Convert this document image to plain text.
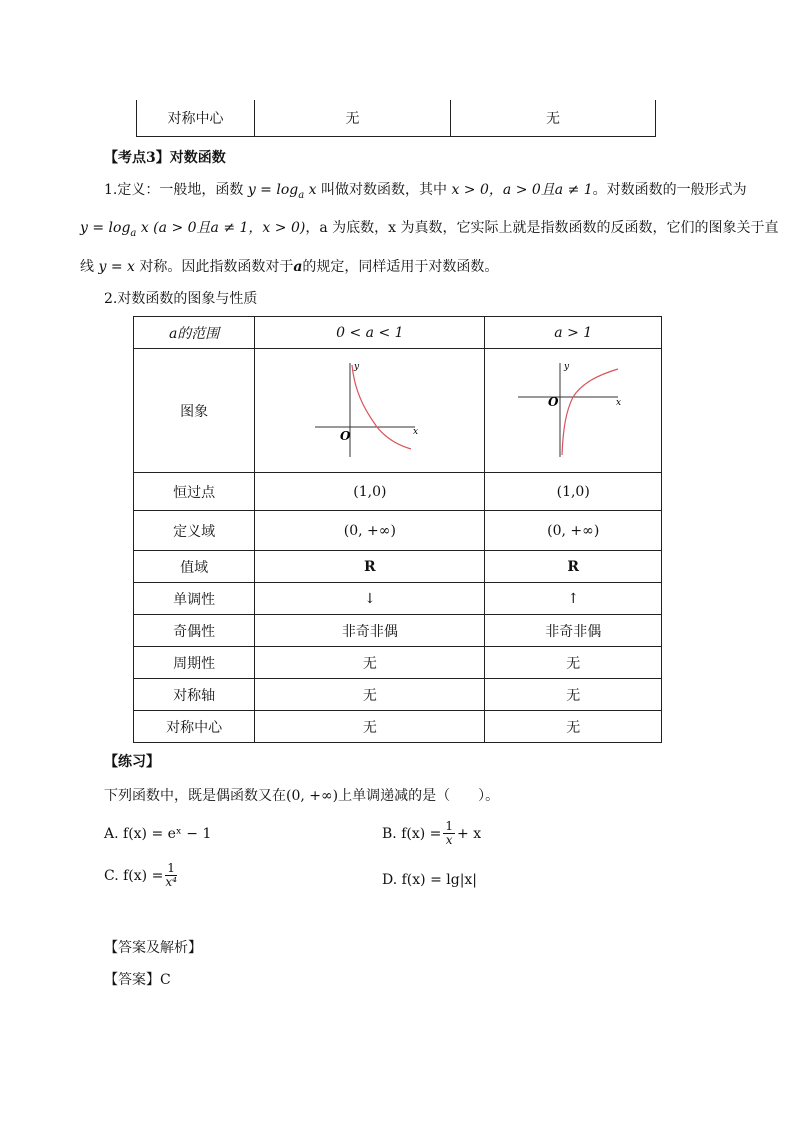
对称中心	无	无
【考点3】对数函数
1.定义：一般地，函数 $y = \log_a x$ 叫做对数函数，其中 x > 0，a > 0且a ≠ 1。对数函数的一般形式为
$y = \log_a x$ (a > 0且a ≠ 1，x > 0)，a 为底数，x 为真数，它实际上就是指数函数的反函数，它们的图象关于直
线 y = x 对称。因此指数函数对于a的规定，同样适用于对数函数。
2.对数函数的图象与性质
a的范围	0 < a < 1	a > 1
图象	y
x
O	y
x
O

恒过点	(1,0)	(1,0)
定义域	(0, +∞)	(0, +∞)
值域	R	R
单调性	↓	↑
奇偶性	非奇非偶	非奇非偶
周期性	无	无
对称轴	无	无
对称中心	无	无
【练习】
下列函数中，既是偶函数又在(0, +∞)上单调递减的是（　　）。
A. f(x) = eˣ − 1	B. $f(x) = \frac{1}{x} + x$
C. $f(x) = \frac{1}{\text{x⁴}}$	D. f(x) = lg|x|
【答案及解析】
【答案】C
